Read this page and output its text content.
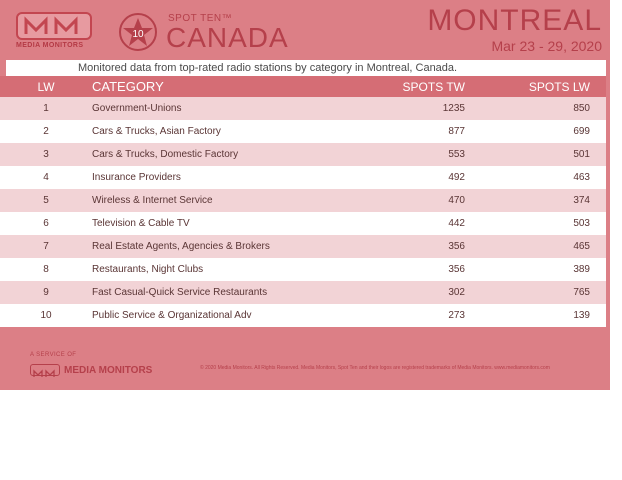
MEDIA MONITORS
10
SPOT TEN™
CANADA
MONTREAL
Mar 23 - 29, 2020
Monitored data from top-rated radio stations by category in Montreal, Canada.
LW	CATEGORY	SPOTS TW	SPOTS LW
1	Government-Unions	1235	850
2	Cars & Trucks, Asian Factory	877	699
3	Cars & Trucks, Domestic Factory	553	501
4	Insurance Providers	492	463
5	Wireless & Internet Service	470	374
6	Television & Cable TV	442	503
7	Real Estate Agents, Agencies & Brokers	356	465
8	Restaurants, Night Clubs	356	389
9	Fast Casual-Quick Service Restaurants	302	765
10	Public Service & Organizational Adv	273	139
A SERVICE OF
MEDIA MONITORS	© 2020 Media Monitors. All Rights Reserved. Media Monitors, Spot Ten and their logos are registered trademarks of Media Monitors. www.mediamonitors.com
